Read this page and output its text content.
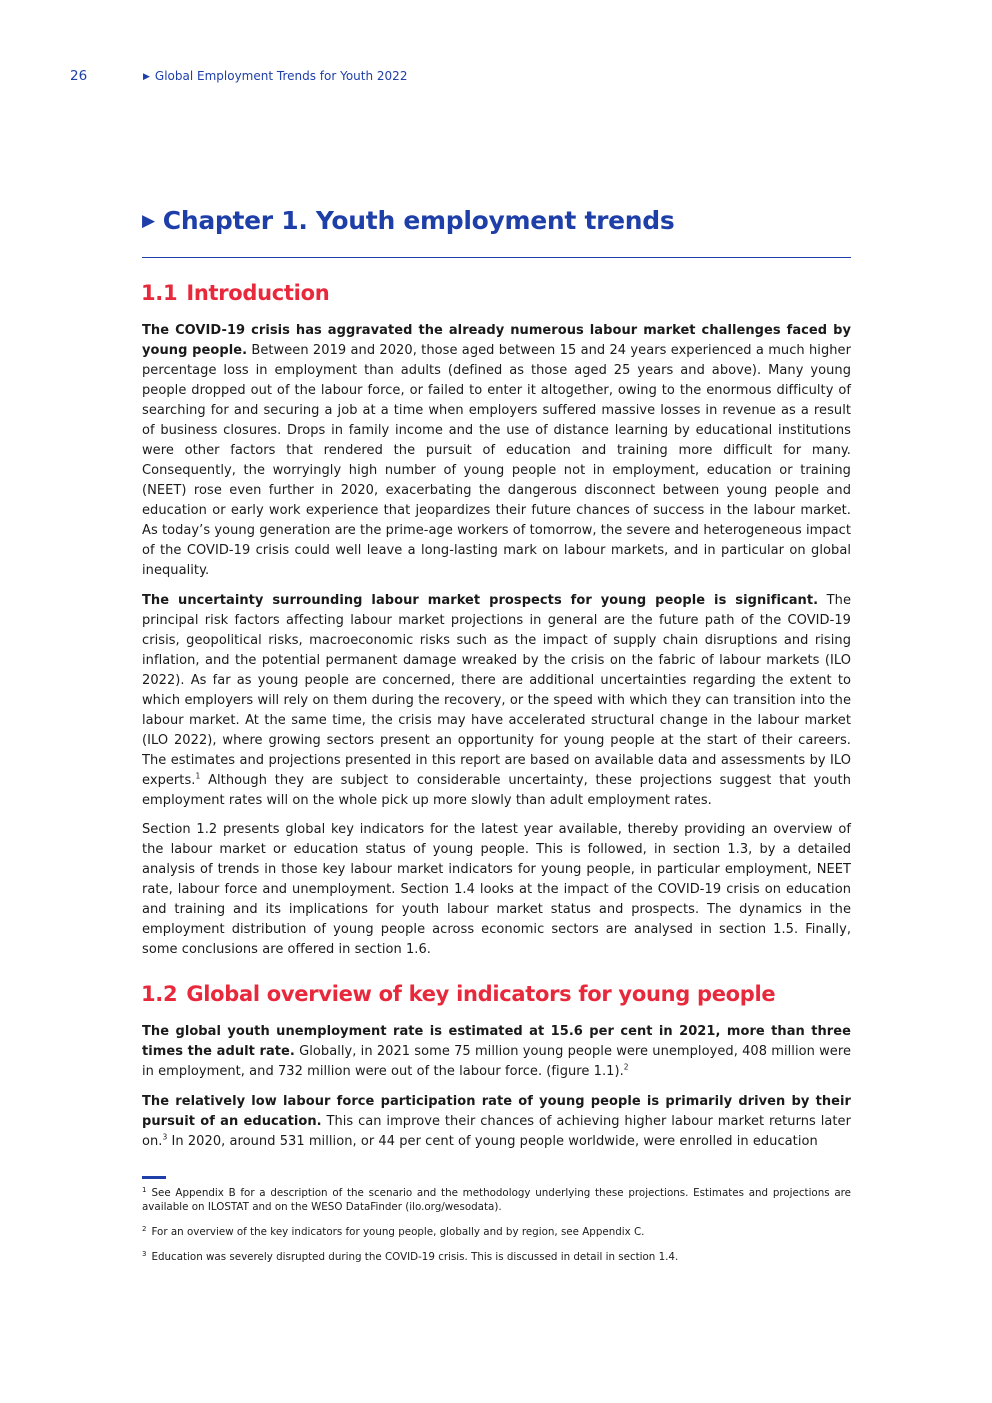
26	▶ Global Employment Trends for Youth 2022
▶ Chapter 1. Youth employment trends
1.1 Introduction

The COVID-19 crisis has aggravated the already numerous labour market challenges faced by young people. Between 2019 and 2020, those aged between 15 and 24 years experienced a much higher percentage loss in employment than adults (defined as those aged 25 years and above). Many young people dropped out of the labour force, or failed to enter it altogether, owing to the enormous difficulty of searching for and securing a job at a time when employers suffered massive losses in revenue as a result of business closures. Drops in family income and the use of distance learning by educational institutions were other factors that rendered the pursuit of education and training more difficult for many. Consequently, the worryingly high number of young people not in employment, education or training (NEET) rose even further in 2020, exacerbating the dangerous disconnect between young people and education or early work experience that jeopardizes their future chances of success in the labour market. As today’s young generation are the prime-age workers of tomorrow, the severe and heterogeneous impact of the COVID-19 crisis could well leave a long-lasting mark on labour markets, and in particular on global inequality.

The uncertainty surrounding labour market prospects for young people is significant. The principal risk factors affecting labour market projections in general are the future path of the COVID-19 crisis, geopolitical risks, macroeconomic risks such as the impact of supply chain disruptions and rising inflation, and the potential permanent damage wreaked by the crisis on the fabric of labour markets (ILO 2022). As far as young people are concerned, there are additional uncertainties regarding the extent to which employers will rely on them during the recovery, or the speed with which they can transition into the labour market. At the same time, the crisis may have accelerated structural change in the labour market (ILO 2022), where growing sectors present an opportunity for young people at the start of their careers. The estimates and projections presented in this report are based on available data and assessments by ILO experts.$^1$ Although they are subject to considerable uncertainty, these projections suggest that youth employment rates will on the whole pick up more slowly than adult employment rates.

Section 1.2 presents global key indicators for the latest year available, thereby providing an overview of the labour market or education status of young people. This is followed, in section 1.3, by a detailed analysis of trends in those key labour market indicators for young people, in particular employment, NEET rate, labour force and unemployment. Section 1.4 looks at the impact of the COVID-19 crisis on education and training and its implications for youth labour market status and prospects. The dynamics in the employment distribution of young people across economic sectors are analysed in section 1.5. Finally, some conclusions are offered in section 1.6.

1.2 Global overview of key indicators for young people

The global youth unemployment rate is estimated at 15.6 per cent in 2021, more than three times the adult rate. Globally, in 2021 some 75 million young people were unemployed, 408 million were in employment, and 732 million were out of the labour force. (figure 1.1).$^2$

The relatively low labour force participation rate of young people is primarily driven by their pursuit of an education. This can improve their chances of achieving higher labour market returns later on.$^3$ In 2020, around 531 million, or 44 per cent of young people worldwide, were enrolled in education

$^1$ See Appendix B for a description of the scenario and the methodology underlying these projections. Estimates and projections are available on ILOSTAT and on the WESO DataFinder (ilo.org/wesodata).

$^2$ For an overview of the key indicators for young people, globally and by region, see Appendix C.

$^3$ Education was severely disrupted during the COVID-19 crisis. This is discussed in detail in section 1.4.
